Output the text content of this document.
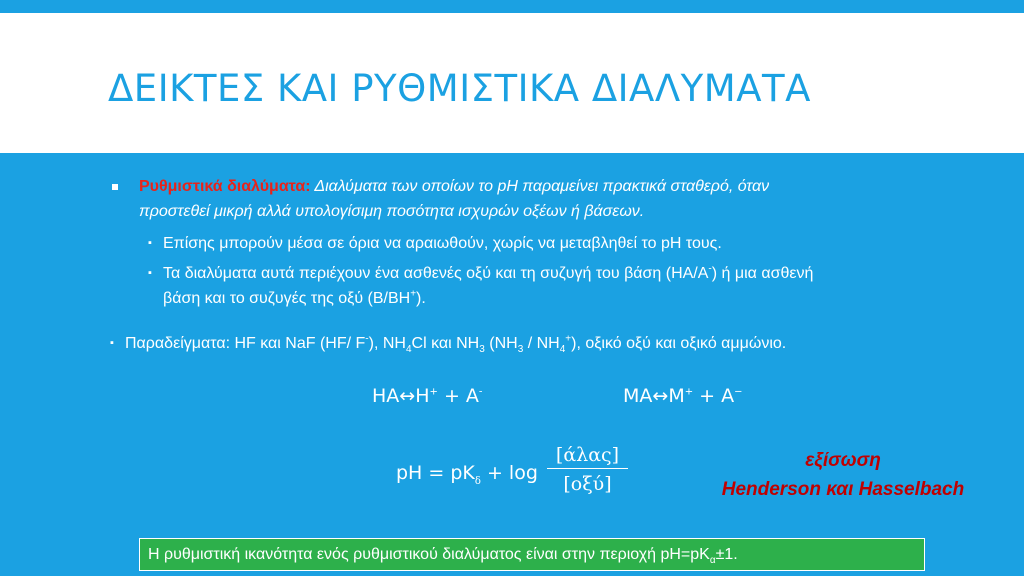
ΔΕΙΚΤΕΣ ΚΑΙ ΡΥΘΜΙΣΤΙΚΑ ΔΙΑΛΥΜΑΤΑ
Ρυθμιστικά διαλύματα: Διαλύματα των οποίων το pH παραμείνει πρακτικά σταθερό, όταν
προστεθεί μικρή αλλά υπολογίσιμη ποσότητα ισχυρών οξέων ή βάσεων.
▪ Επίσης μπορούν μέσα σε όρια να αραιωθούν, χωρίς να μεταβληθεί το pH τους.
▪ Τα διαλύματα αυτά περιέχουν ένα ασθενές οξύ και τη συζυγή του βάση (HA/A-) ή μια ασθενή
βάση και το συζυγές της οξύ (B/BH+).
▪ Παραδείγματα: HF και NaF (HF/ F-), $NH_4Cl$ και $NH_3$ $(NH_3 / NH_4^+)$, οξικό οξύ και οξικό αμμώνιο.
HA↔H+ + A-	MA↔M+ + A−
pH = $pK_\delta + \log$
[άλας]
[οξύ]
εξίσωση
Henderson και Hasselbach
Η ρυθμιστική ικανότητα ενός ρυθμιστικού διαλύματος είναι στην περιοχή $pH=pK_\alpha\pm 1$.
